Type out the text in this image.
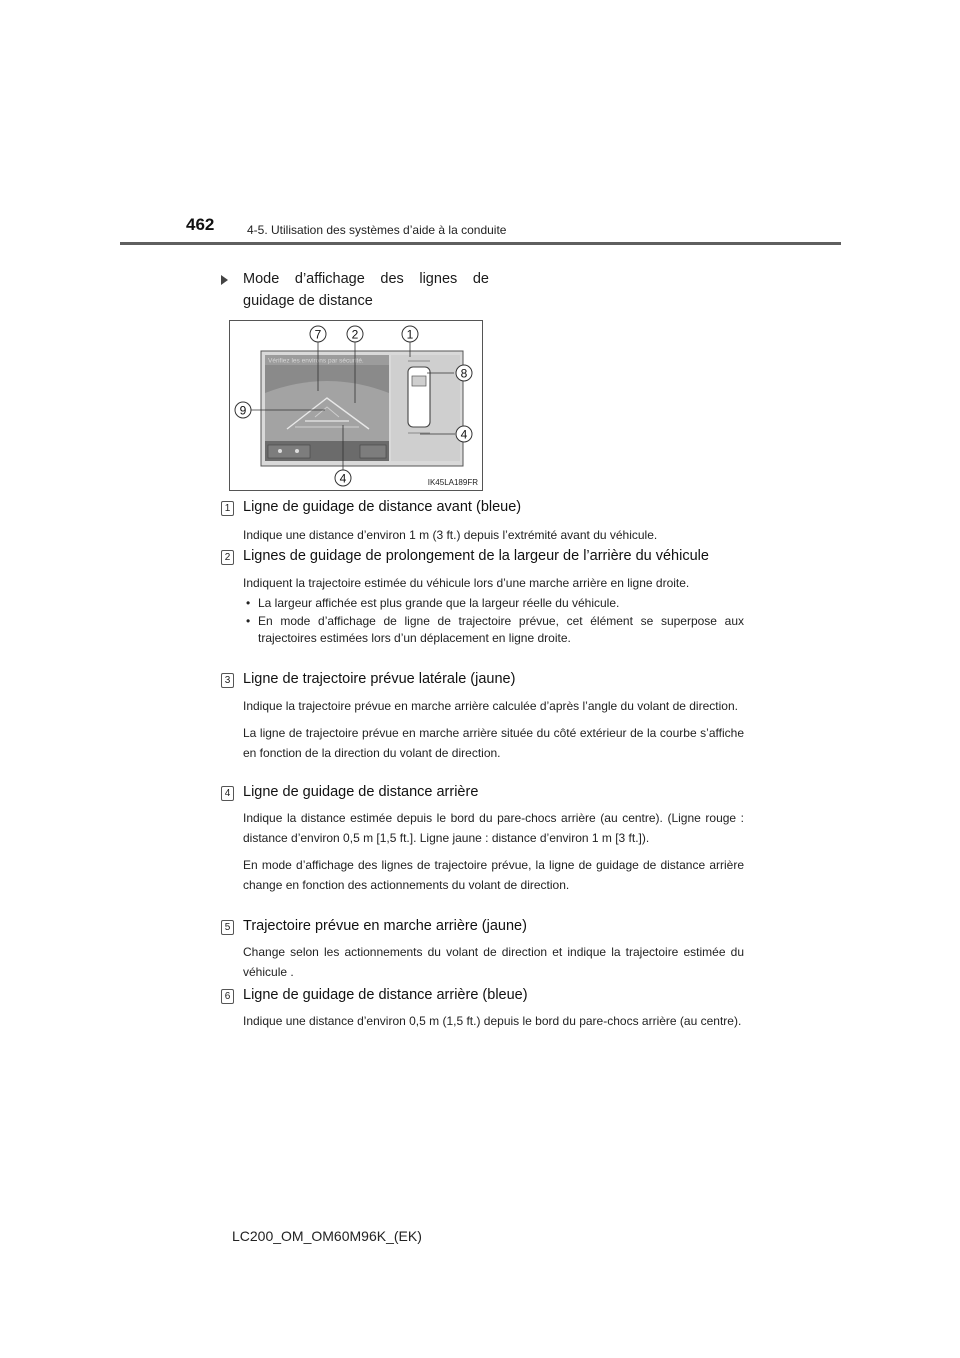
462	4-5. Utilisation des systèmes d’aide à la conduite
Mode d’affichage des lignes de guidage de distance
Vérifiez les environs par sécurité.
7	2	1
8
9
4
4	IK45LA189FR
1 Ligne de guidage de distance avant (bleue)

Indique une distance d’environ 1 m (3 ft.) depuis l’extrémité avant du véhicule.

2 Lignes de guidage de prolongement de la largeur de l’arrière du véhicule

Indiquent la trajectoire estimée du véhicule lors d’une marche arrière en ligne droite.

• La largeur affichée est plus grande que la largeur réelle du véhicule.
• En mode d’affichage de ligne de trajectoire prévue, cet élément se superpose aux trajectoires estimées lors d’un déplacement en ligne droite.
3 Ligne de trajectoire prévue latérale (jaune)

Indique la trajectoire prévue en marche arrière calculée d’après l’angle du volant de direction.

La ligne de trajectoire prévue en marche arrière située du côté extérieur de la courbe s’affiche en fonction de la direction du volant de direction.

4 Ligne de guidage de distance arrière

Indique la distance estimée depuis le bord du pare-chocs arrière (au centre). (Ligne rouge : distance d’environ 0,5 m [1,5 ft.]. Ligne jaune : distance d’environ 1 m [3 ft.]).

En mode d’affichage des lignes de trajectoire prévue, la ligne de guidage de distance arrière change en fonction des actionnements du volant de direction.

5 Trajectoire prévue en marche arrière (jaune)

Change selon les actionnements du volant de direction et indique la trajectoire estimée du véhicule .

6 Ligne de guidage de distance arrière (bleue)

Indique une distance d’environ 0,5 m (1,5 ft.) depuis le bord du pare-chocs arrière (au centre).

LC200_OM_OM60M96K_(EK)
